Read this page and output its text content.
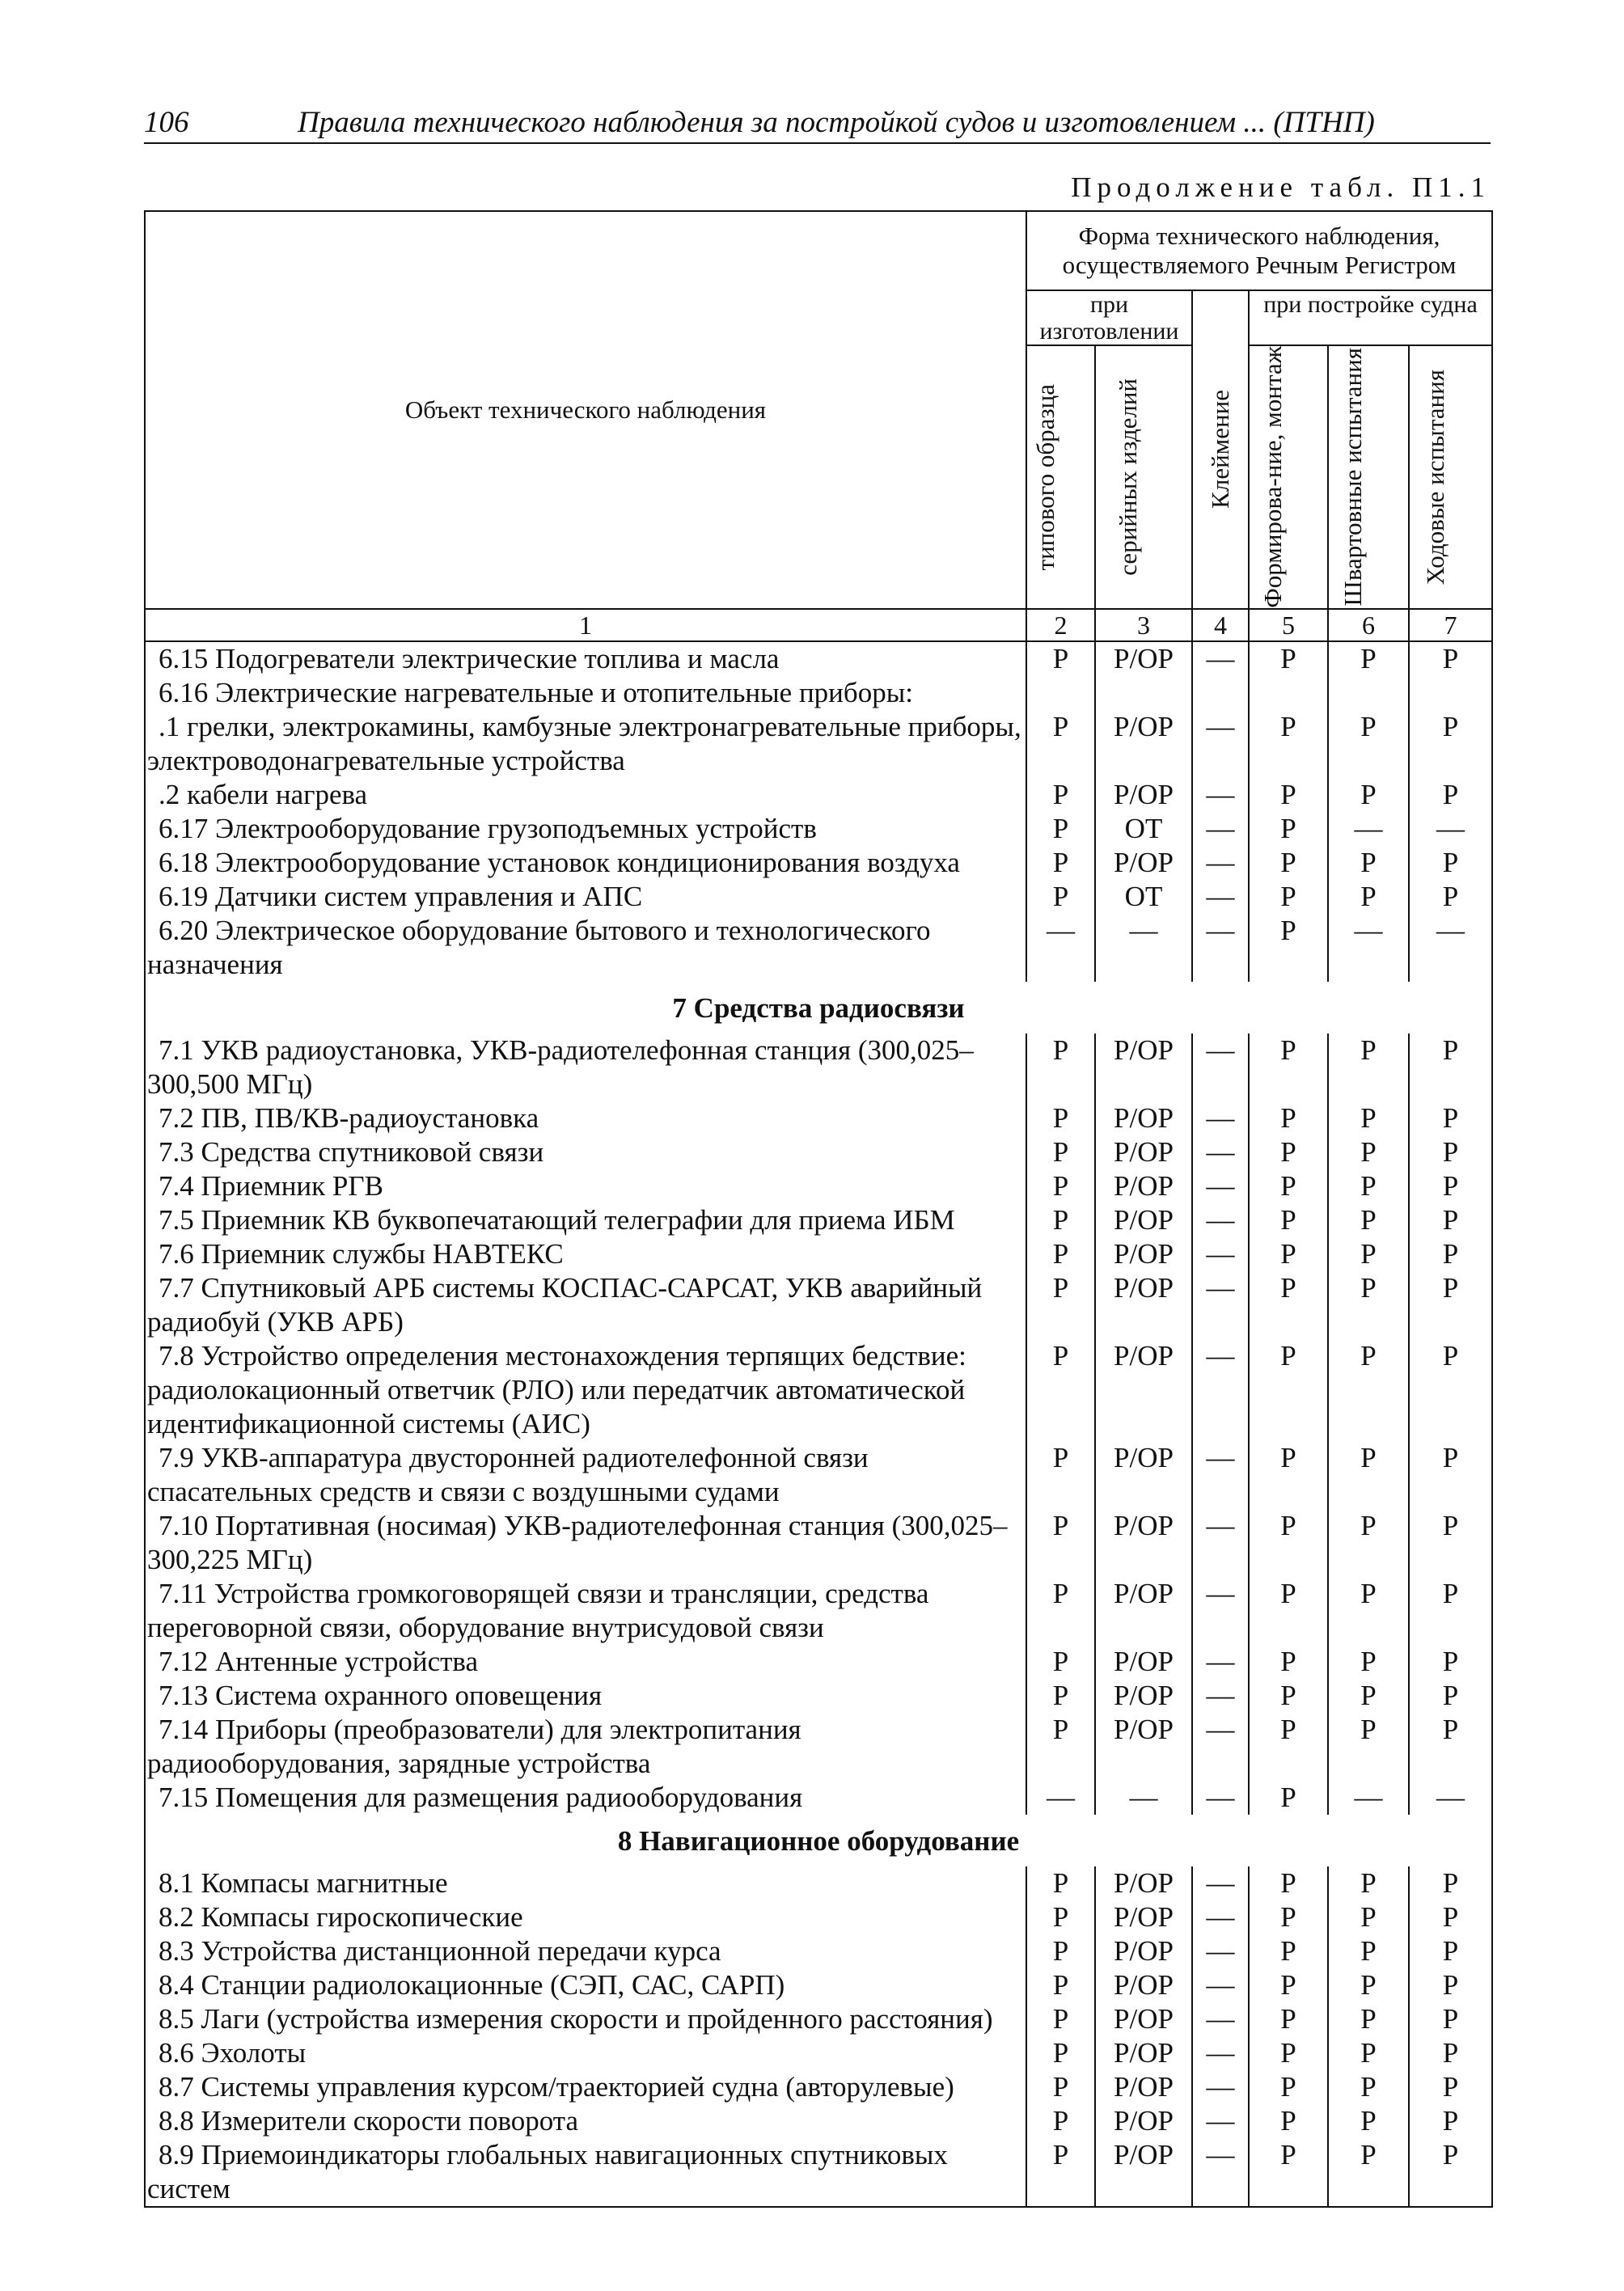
106	Правила технического наблюдения за постройкой судов и изготовлением ... (ПТНП)
Продолжение табл. П1.1
Объект технического наблюдения	Форма технического наблюдения, осуществляемого Речным Регистром					
	при изготовлении		Клеймение	при постройке судна		

	типового образца	серийных изделий		Формирова-ние, монтаж	Швартовные испытания	Ходовые испытания

1	2	3	4	5	6	7
6.15 Подогреватели электрические топлива и масла	Р	Р/ОР	—	Р	Р	Р
6.16 Электрические нагревательные и отопительные приборы:						
.1 грелки, электрокамины, камбузные электронагревательные приборы, электроводонагревательные устройства	Р	Р/ОР	—	Р	Р	Р
.2 кабели нагрева	Р	Р/ОР	—	Р	Р	Р
6.17 Электрооборудование грузоподъемных устройств	Р	ОТ	—	Р	—	—
6.18 Электрооборудование установок кондиционирования воздуха	Р	Р/ОР	—	Р	Р	Р
6.19 Датчики систем управления и АПС	Р	ОТ	—	Р	Р	Р
6.20 Электрическое оборудование бытового и технологического назначения	—	—	—	Р	—	—
7 Средства радиосвязи						
7.1 УКВ радиоустановка, УКВ-радиотелефонная станция (300,025–300,500 МГц)	Р	Р/ОР	—	Р	Р	Р
7.2 ПВ, ПВ/КВ-радиоустановка	Р	Р/ОР	—	Р	Р	Р
7.3 Средства спутниковой связи	Р	Р/ОР	—	Р	Р	Р
7.4 Приемник РГВ	Р	Р/ОР	—	Р	Р	Р
7.5 Приемник КВ буквопечатающий телеграфии для приема ИБМ	Р	Р/ОР	—	Р	Р	Р
7.6 Приемник службы НАВТЕКС	Р	Р/ОР	—	Р	Р	Р
7.7 Спутниковый АРБ системы КОСПАС-САРСАТ, УКВ аварийный радиобуй (УКВ АРБ)	Р	Р/ОР	—	Р	Р	Р
7.8 Устройство определения местонахождения терпящих бедствие: радиолокационный ответчик (РЛО) или передатчик автоматической идентификационной системы (АИС)	Р	Р/ОР	—	Р	Р	Р
7.9 УКВ-аппаратура двусторонней радиотелефонной связи спасательных средств и связи с воздушными судами	Р	Р/ОР	—	Р	Р	Р
7.10 Портативная (носимая) УКВ-радиотелефонная станция (300,025–300,225 МГц)	Р	Р/ОР	—	Р	Р	Р
7.11 Устройства громкоговорящей связи и трансляции, средства переговорной связи, оборудование внутрисудовой связи	Р	Р/ОР	—	Р	Р	Р
7.12 Антенные устройства	Р	Р/ОР	—	Р	Р	Р
7.13 Система охранного оповещения	Р	Р/ОР	—	Р	Р	Р
7.14 Приборы (преобразователи) для электропитания радиооборудования, зарядные устройства	Р	Р/ОР	—	Р	Р	Р
7.15 Помещения для размещения радиооборудования	—	—	—	Р	—	—
8 Навигационное оборудование						
8.1 Компасы магнитные	Р	Р/ОР	—	Р	Р	Р
8.2 Компасы гироскопические	Р	Р/ОР	—	Р	Р	Р
8.3 Устройства дистанционной передачи курса	Р	Р/ОР	—	Р	Р	Р
8.4 Станции радиолокационные (СЭП, САС, САРП)	Р	Р/ОР	—	Р	Р	Р
8.5 Лаги (устройства измерения скорости и пройденного расстояния)	Р	Р/ОР	—	Р	Р	Р
8.6 Эхолоты	Р	Р/ОР	—	Р	Р	Р
8.7 Системы управления курсом/траекторией судна (авторулевые)	Р	Р/ОР	—	Р	Р	Р
8.8 Измерители скорости поворота	Р	Р/ОР	—	Р	Р	Р
8.9 Приемоиндикаторы глобальных навигационных спутниковых систем	Р	Р/ОР	—	Р	Р	Р
